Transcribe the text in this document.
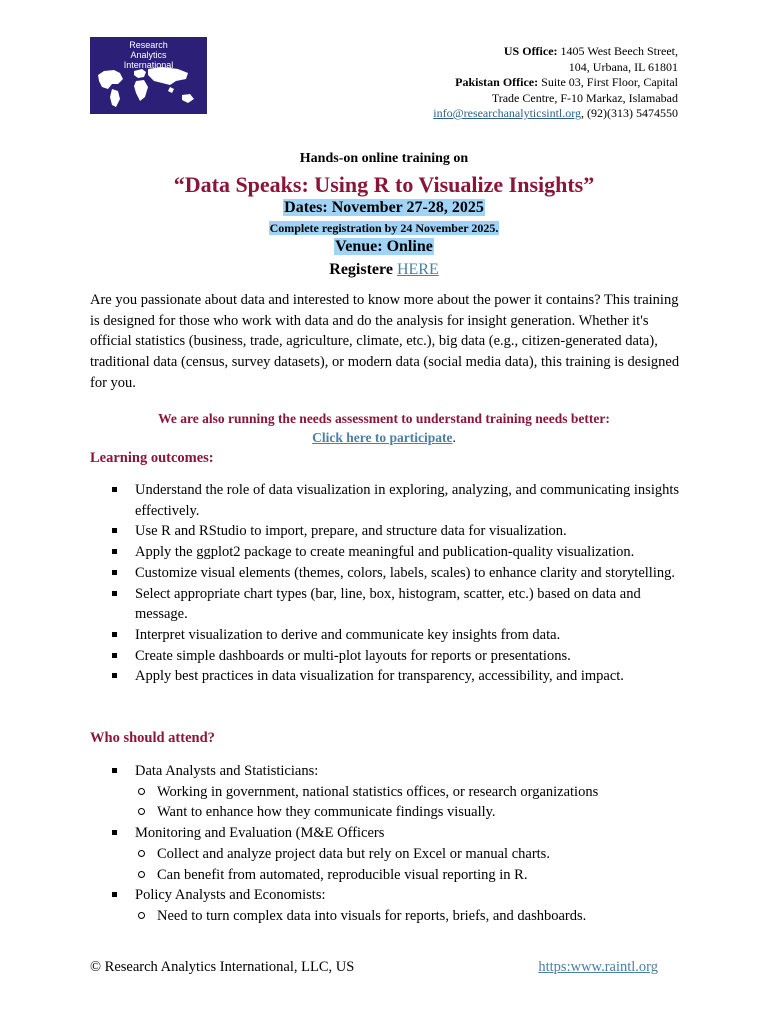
Research
Analytics
International
US Office: 1405 West Beech Street,
104, Urbana, IL 61801
Pakistan Office: Suite 03, First Floor, Capital
Trade Centre, F-10 Markaz, Islamabad
info@researchanalyticsintl.org, (92)(313) 5474550
Hands-on online training on
“Data Speaks: Using R to Visualize Insights”
Dates: November 27-28, 2025
Complete registration by 24 November 2025.
Venue: Online
Registere HERE
Are you passionate about data and interested to know more about the power it contains? This training is designed for those who work with data and do the analysis for insight generation. Whether it's official statistics (business, trade, agriculture, climate, etc.), big data (e.g., citizen-generated data), traditional data (census, survey datasets), or modern data (social media data), this training is designed for you.
We are also running the needs assessment to understand training needs better:
Click here to participate.
Learning outcomes:
Understand the role of data visualization in exploring, analyzing, and communicating insights effectively.
Use R and RStudio to import, prepare, and structure data for visualization.
Apply the ggplot2 package to create meaningful and publication-quality visualization.
Customize visual elements (themes, colors, labels, scales) to enhance clarity and storytelling.
Select appropriate chart types (bar, line, box, histogram, scatter, etc.) based on data and message.
Interpret visualization to derive and communicate key insights from data.
Create simple dashboards or multi-plot layouts for reports or presentations.
Apply best practices in data visualization for transparency, accessibility, and impact.
Who should attend?
Data Analysts and Statisticians:
Working in government, national statistics offices, or research organizations
Want to enhance how they communicate findings visually.
Monitoring and Evaluation (M&E Officers
Collect and analyze project data but rely on Excel or manual charts.
Can benefit from automated, reproducible visual reporting in R.
Policy Analysts and Economists:
Need to turn complex data into visuals for reports, briefs, and dashboards.
© Research Analytics International, LLC, US	https:www.raintl.org
